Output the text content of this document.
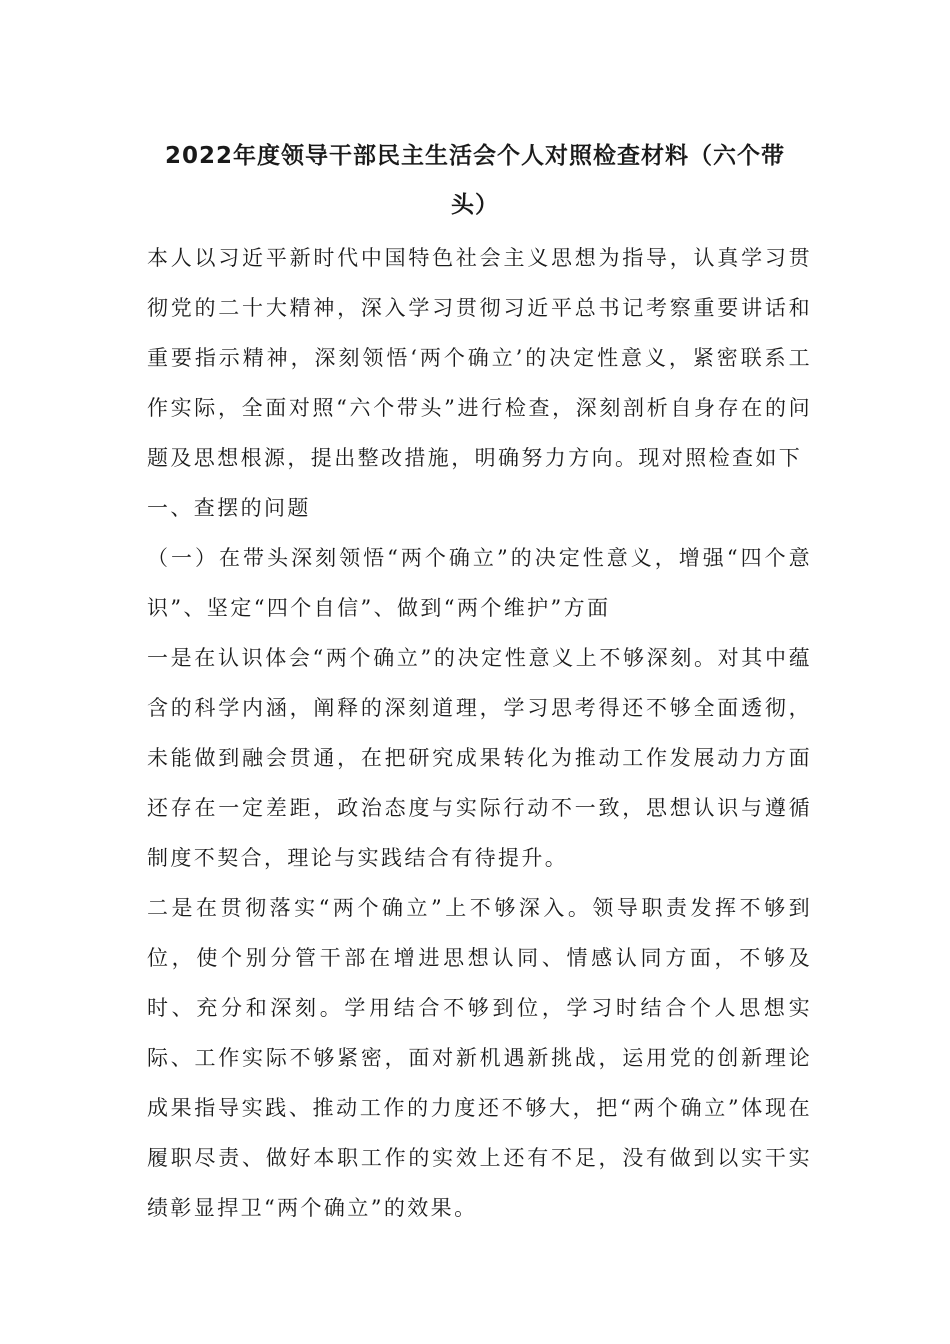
2022年度领导干部民主生活会个人对照检查材料（六个带
头）

本人以习近平新时代中国特色社会主义思想为指导，认真学习贯彻党的二十大精神，深入学习贯彻习近平总书记考察重要讲话和重要指示精神，深刻领悟‘两个确立’的决定性意义，紧密联系工作实际，全面对照“六个带头”进行检查，深刻剖析自身存在的问题及思想根源，提出整改措施，明确努力方向。现对照检查如下

一、查摆的问题

（一）在带头深刻领悟“两个确立”的决定性意义，增强“四个意识”、坚定“四个自信”、做到“两个维护”方面

一是在认识体会“两个确立”的决定性意义上不够深刻。对其中蕴含的科学内涵，阐释的深刻道理，学习思考得还不够全面透彻，未能做到融会贯通，在把研究成果转化为推动工作发展动力方面还存在一定差距，政治态度与实际行动不一致，思想认识与遵循制度不契合，理论与实践结合有待提升。

二是在贯彻落实“两个确立”上不够深入。领导职责发挥不够到位，使个别分管干部在增进思想认同、情感认同方面，不够及时、充分和深刻。学用结合不够到位，学习时结合个人思想实际、工作实际不够紧密，面对新机遇新挑战，运用党的创新理论成果指导实践、推动工作的力度还不够大，把“两个确立”体现在履职尽责、做好本职工作的实效上还有不足，没有做到以实干实绩彰显捍卫“两个确立”的效果。
